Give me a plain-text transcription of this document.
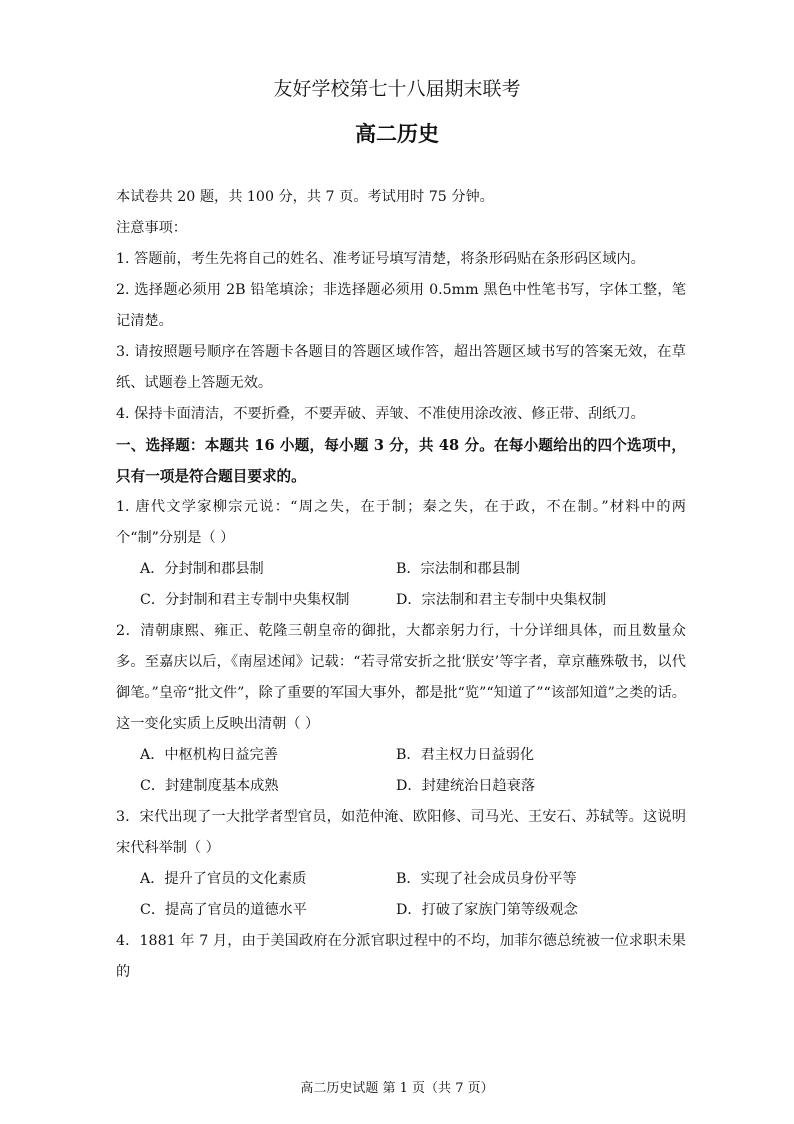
友好学校第七十八届期末联考
高二历史

本试卷共 20 题，共 100 分，共 7 页。考试用时 75 分钟。

注意事项：

1. 答题前，考生先将自己的姓名、准考证号填写清楚，将条形码贴在条形码区域内。

2. 选择题必须用 2B 铅笔填涂；非选择题必须用 0.5mm 黑色中性笔书写，字体工整，笔记清楚。

3. 请按照题号顺序在答题卡各题目的答题区域作答，超出答题区域书写的答案无效，在草纸、试题卷上答题无效。

4. 保持卡面清洁，不要折叠，不要弄破、弄皱、不准使用涂改液、修正带、刮纸刀。

一、选择题：本题共 16 小题，每小题 3 分，共 48 分。在每小题给出的四个选项中，只有一项是符合题目要求的。

1. 唐代文学家柳宗元说：“周之失，在于制；秦之失，在于政，不在制。”材料中的两个“制”分别是（ ）

A．分封制和郡县制	B．宗法制和郡县制
C．分封制和君主专制中央集权制	D．宗法制和君主专制中央集权制

2．清朝康熙、雍正、乾隆三朝皇帝的御批，大都亲躬力行，十分详细具体，而且数量众多。至嘉庆以后，《南屋述闻》记载：“若寻常安折之批‘朕安’等字者，章京蘸殊敬书，以代御笔。”皇帝“批文件”，除了重要的军国大事外，都是批“览”“知道了”“该部知道”之类的话。这一变化实质上反映出清朝（ ）

A．中枢机构日益完善	B．君主权力日益弱化
C．封建制度基本成熟	D．封建统治日趋衰落

3．宋代出现了一大批学者型官员，如范仲淹、欧阳修、司马光、王安石、苏轼等。这说明宋代科举制（ ）

A．提升了官员的文化素质	B．实现了社会成员身份平等
C．提高了官员的道德水平	D．打破了家族门第等级观念

4．1881 年 7 月，由于美国政府在分派官职过程中的不均，加菲尔德总统被一位求职未果的

高二历史试题 第 1 页（共 7 页）
